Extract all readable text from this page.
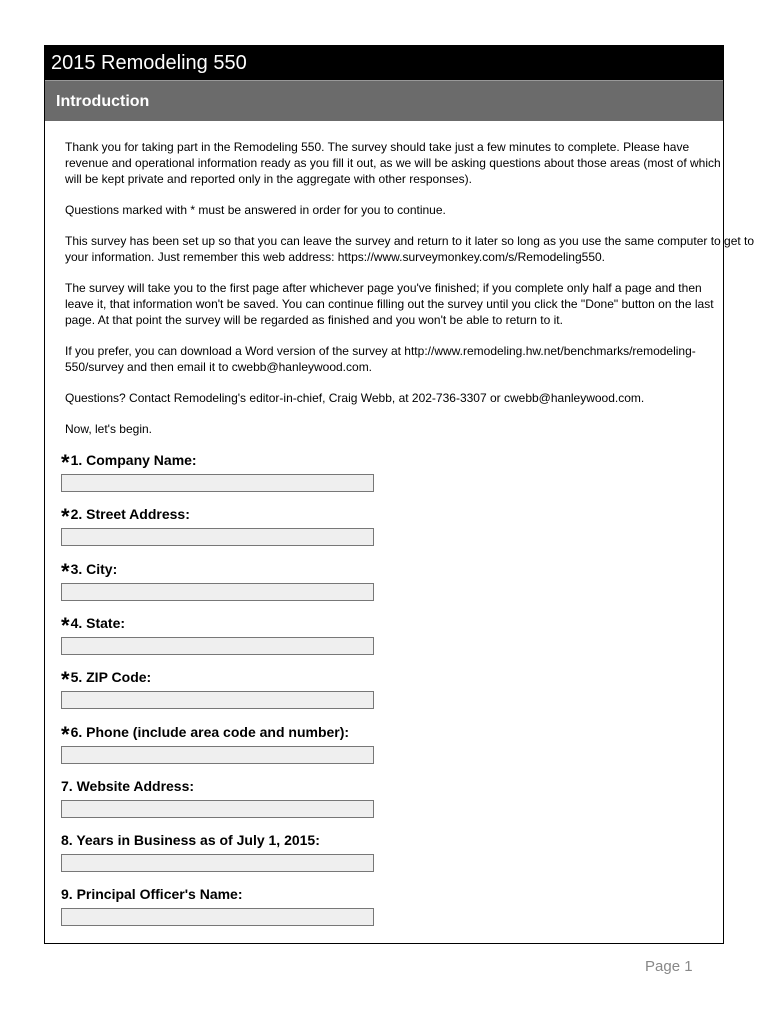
2015 Remodeling 550
Introduction

Thank you for taking part in the Remodeling 550. The survey should take just a few minutes to complete. Please have revenue and operational information ready as you fill it out, as we will be asking questions about those areas (most of which will be kept private and reported only in the aggregate with other responses).

Questions marked with * must be answered in order for you to continue.

This survey has been set up so that you can leave the survey and return to it later so long as you use the same computer to get to your information. Just remember this web address: https://www.surveymonkey.com/s/Remodeling550.

The survey will take you to the first page after whichever page you've finished; if you complete only half a page and then leave it, that information won't be saved. You can continue filling out the survey until you click the "Done" button on the last page. At that point the survey will be regarded as finished and you won't be able to return to it.

If you prefer, you can download a Word version of the survey at http://www.remodeling.hw.net/benchmarks/remodeling-550/survey and then email it to cwebb@hanleywood.com.

Questions? Contact Remodeling's editor-in-chief, Craig Webb, at 202-736-3307 or cwebb@hanleywood.com.

Now, let's begin.

*1. Company Name:
*2. Street Address:
*3. City:
*4. State:
*5. ZIP Code:
*6. Phone (include area code and number):
7. Website Address:
8. Years in Business as of July 1, 2015:
9. Principal Officer's Name:
Page 1
